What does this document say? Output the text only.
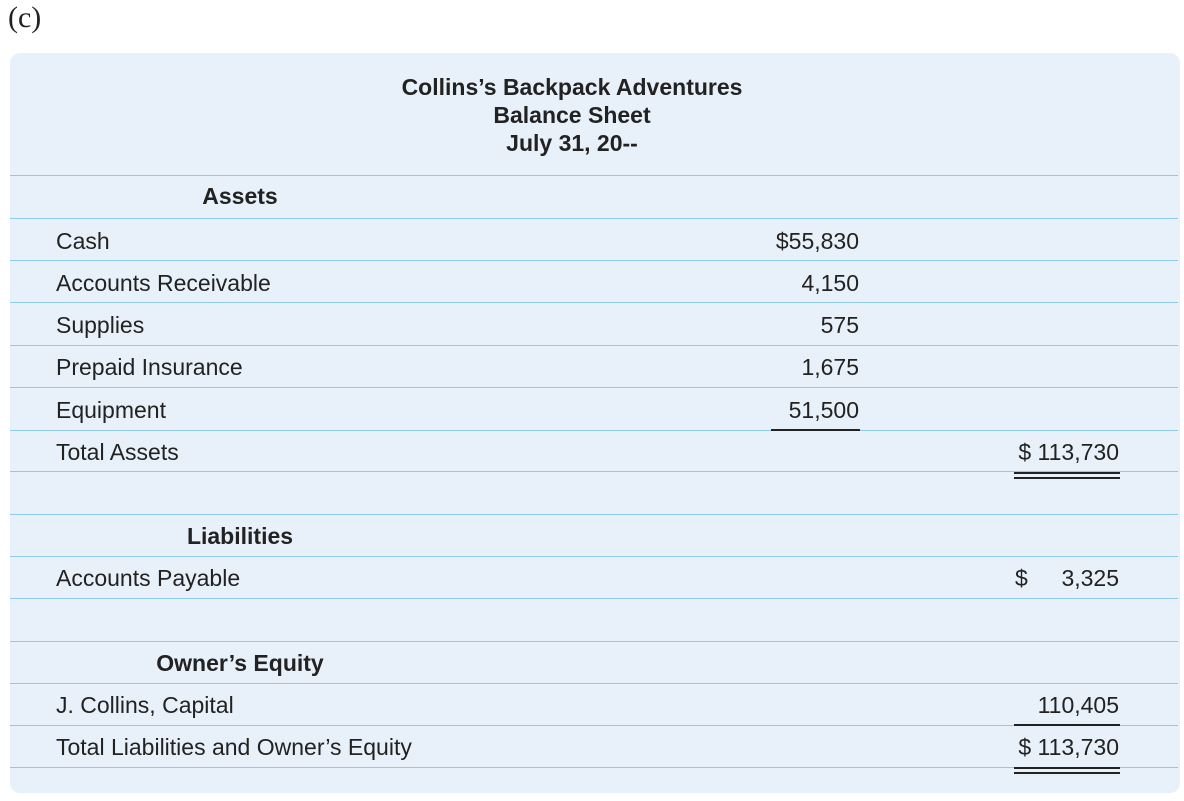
(c)
Collins’s Backpack Adventures
Balance Sheet
July 31, 20--
Assets
Cash	$55,830
Accounts Receivable	4,150
Supplies	575
Prepaid Insurance	1,675
Equipment	51,500
Total Assets	$ 113,730
Liabilities
Accounts Payable	$ 3,325
Owner’s Equity
J. Collins, Capital	110,405
Total Liabilities and Owner’s Equity	$ 113,730
